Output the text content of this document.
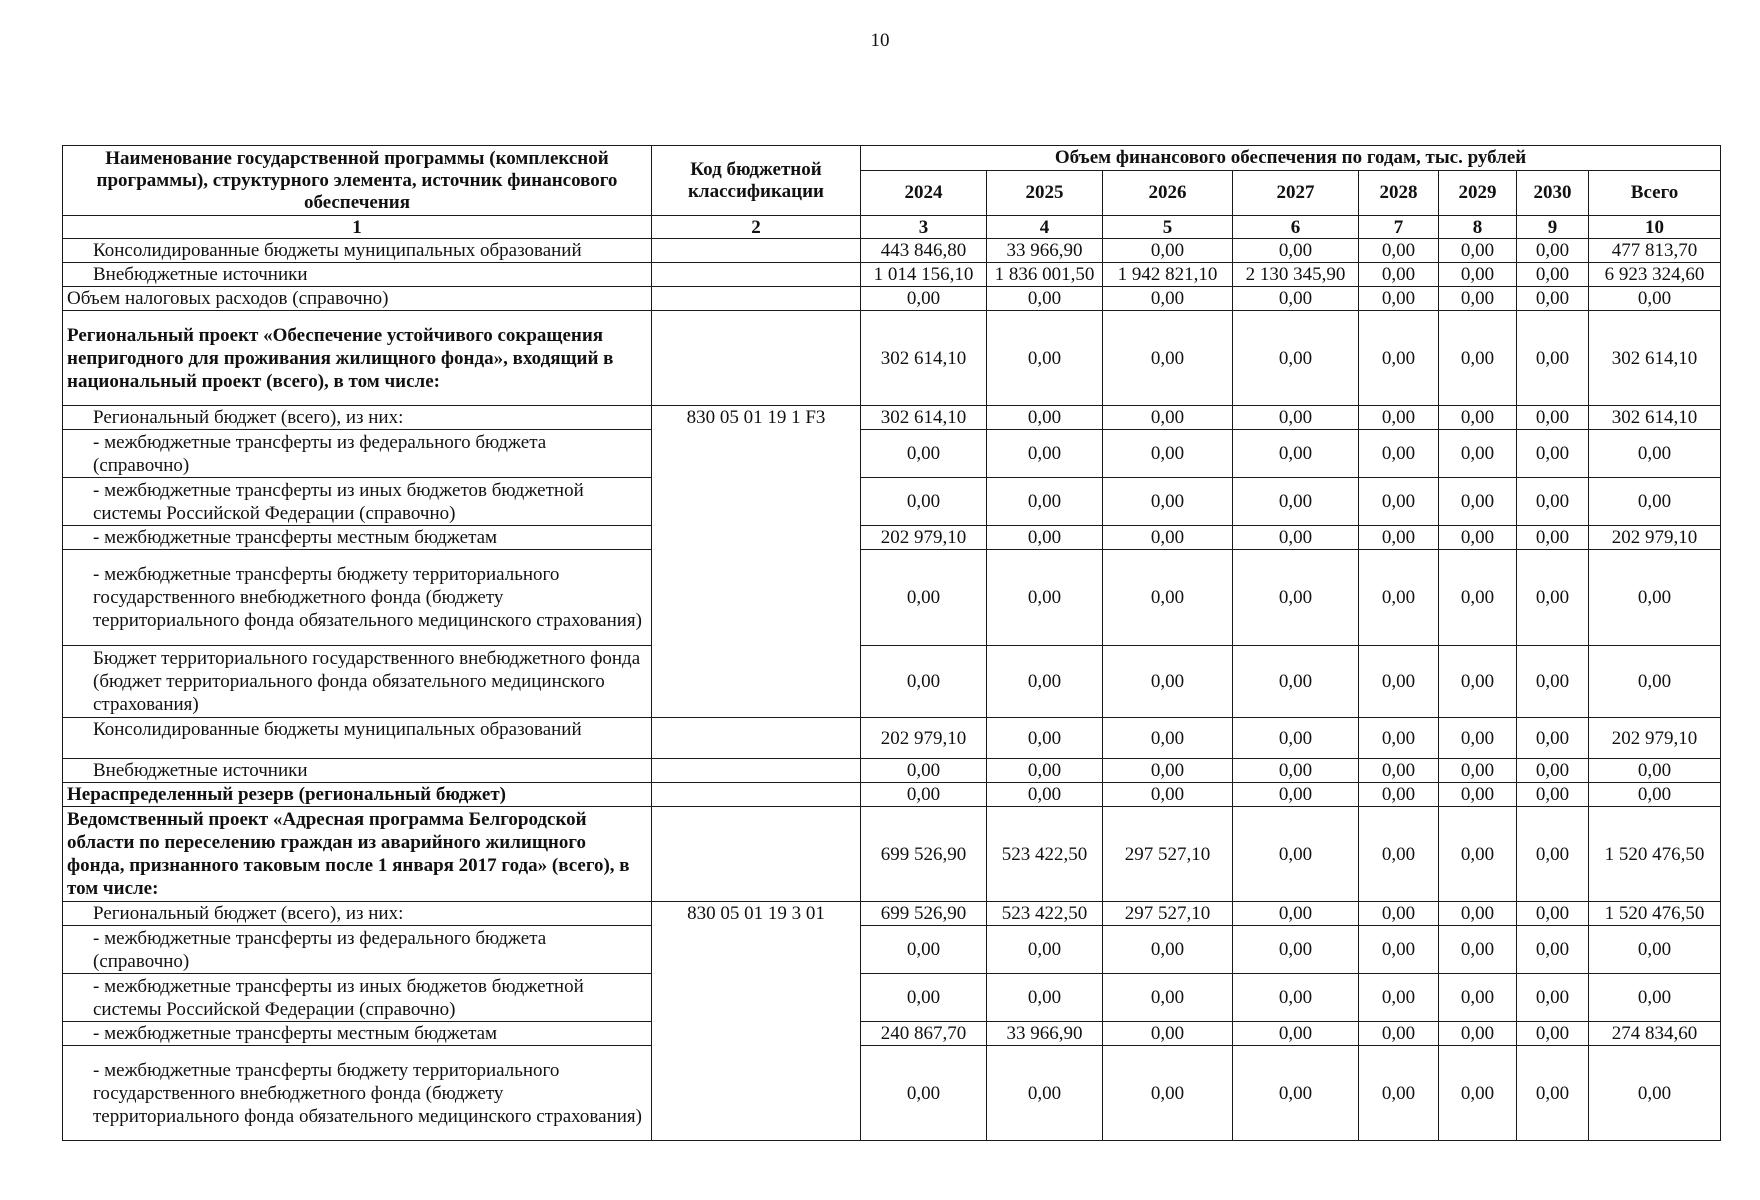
10
Наименование государственной программы (комплексной программы), структурного элемента, источник финансового обеспечения	Код бюджетной классификации	Объем финансового обеспечения по годам, тыс. рублей							
		2024	2025	2026	2027	2028	2029	2030	Всего
1	2	3	4	5	6	7	8	9	10
Консолидированные бюджеты муниципальных образований		443 846,80	33 966,90	0,00	0,00	0,00	0,00	0,00	477 813,70
Внебюджетные источники		1 014 156,10	1 836 001,50	1 942 821,10	2 130 345,90	0,00	0,00	0,00	6 923 324,60
Объем налоговых расходов (справочно)		0,00	0,00	0,00	0,00	0,00	0,00	0,00	0,00
Региональный проект «Обеспечение устойчивого сокращения непригодного для проживания жилищного фонда», входящий в национальный проект (всего), в том числе:		302 614,10	0,00	0,00	0,00	0,00	0,00	0,00	302 614,10
Региональный бюджет (всего), из них:	830 05 01 19 1 F3	302 614,10	0,00	0,00	0,00	0,00	0,00	0,00	302 614,10
- межбюджетные трансферты из федерального бюджета (справочно)		0,00	0,00	0,00	0,00	0,00	0,00	0,00	0,00
- межбюджетные трансферты из иных бюджетов бюджетной системы Российской Федерации (справочно)		0,00	0,00	0,00	0,00	0,00	0,00	0,00	0,00
- межбюджетные трансферты местным бюджетам		202 979,10	0,00	0,00	0,00	0,00	0,00	0,00	202 979,10
- межбюджетные трансферты бюджету территориального государственного внебюджетного фонда (бюджету территориального фонда обязательного медицинского страхования)		0,00	0,00	0,00	0,00	0,00	0,00	0,00	0,00
Бюджет территориального государственного внебюджетного фонда (бюджет территориального фонда обязательного медицинского страхования)		0,00	0,00	0,00	0,00	0,00	0,00	0,00	0,00
Консолидированные бюджеты муниципальных образований		202 979,10	0,00	0,00	0,00	0,00	0,00	0,00	202 979,10
Внебюджетные источники		0,00	0,00	0,00	0,00	0,00	0,00	0,00	0,00
Нераспределенный резерв (региональный бюджет)		0,00	0,00	0,00	0,00	0,00	0,00	0,00	0,00
Ведомственный проект «Адресная программа Белгородской области по переселению граждан из аварийного жилищного фонда, признанного таковым после 1 января 2017 года» (всего), в том числе:		699 526,90	523 422,50	297 527,10	0,00	0,00	0,00	0,00	1 520 476,50
Региональный бюджет (всего), из них:	830 05 01 19 3 01	699 526,90	523 422,50	297 527,10	0,00	0,00	0,00	0,00	1 520 476,50
- межбюджетные трансферты из федерального бюджета (справочно)		0,00	0,00	0,00	0,00	0,00	0,00	0,00	0,00
- межбюджетные трансферты из иных бюджетов бюджетной системы Российской Федерации (справочно)		0,00	0,00	0,00	0,00	0,00	0,00	0,00	0,00
- межбюджетные трансферты местным бюджетам		240 867,70	33 966,90	0,00	0,00	0,00	0,00	0,00	274 834,60
- межбюджетные трансферты бюджету территориального государственного внебюджетного фонда (бюджету территориального фонда обязательного медицинского страхования)		0,00	0,00	0,00	0,00	0,00	0,00	0,00	0,00
